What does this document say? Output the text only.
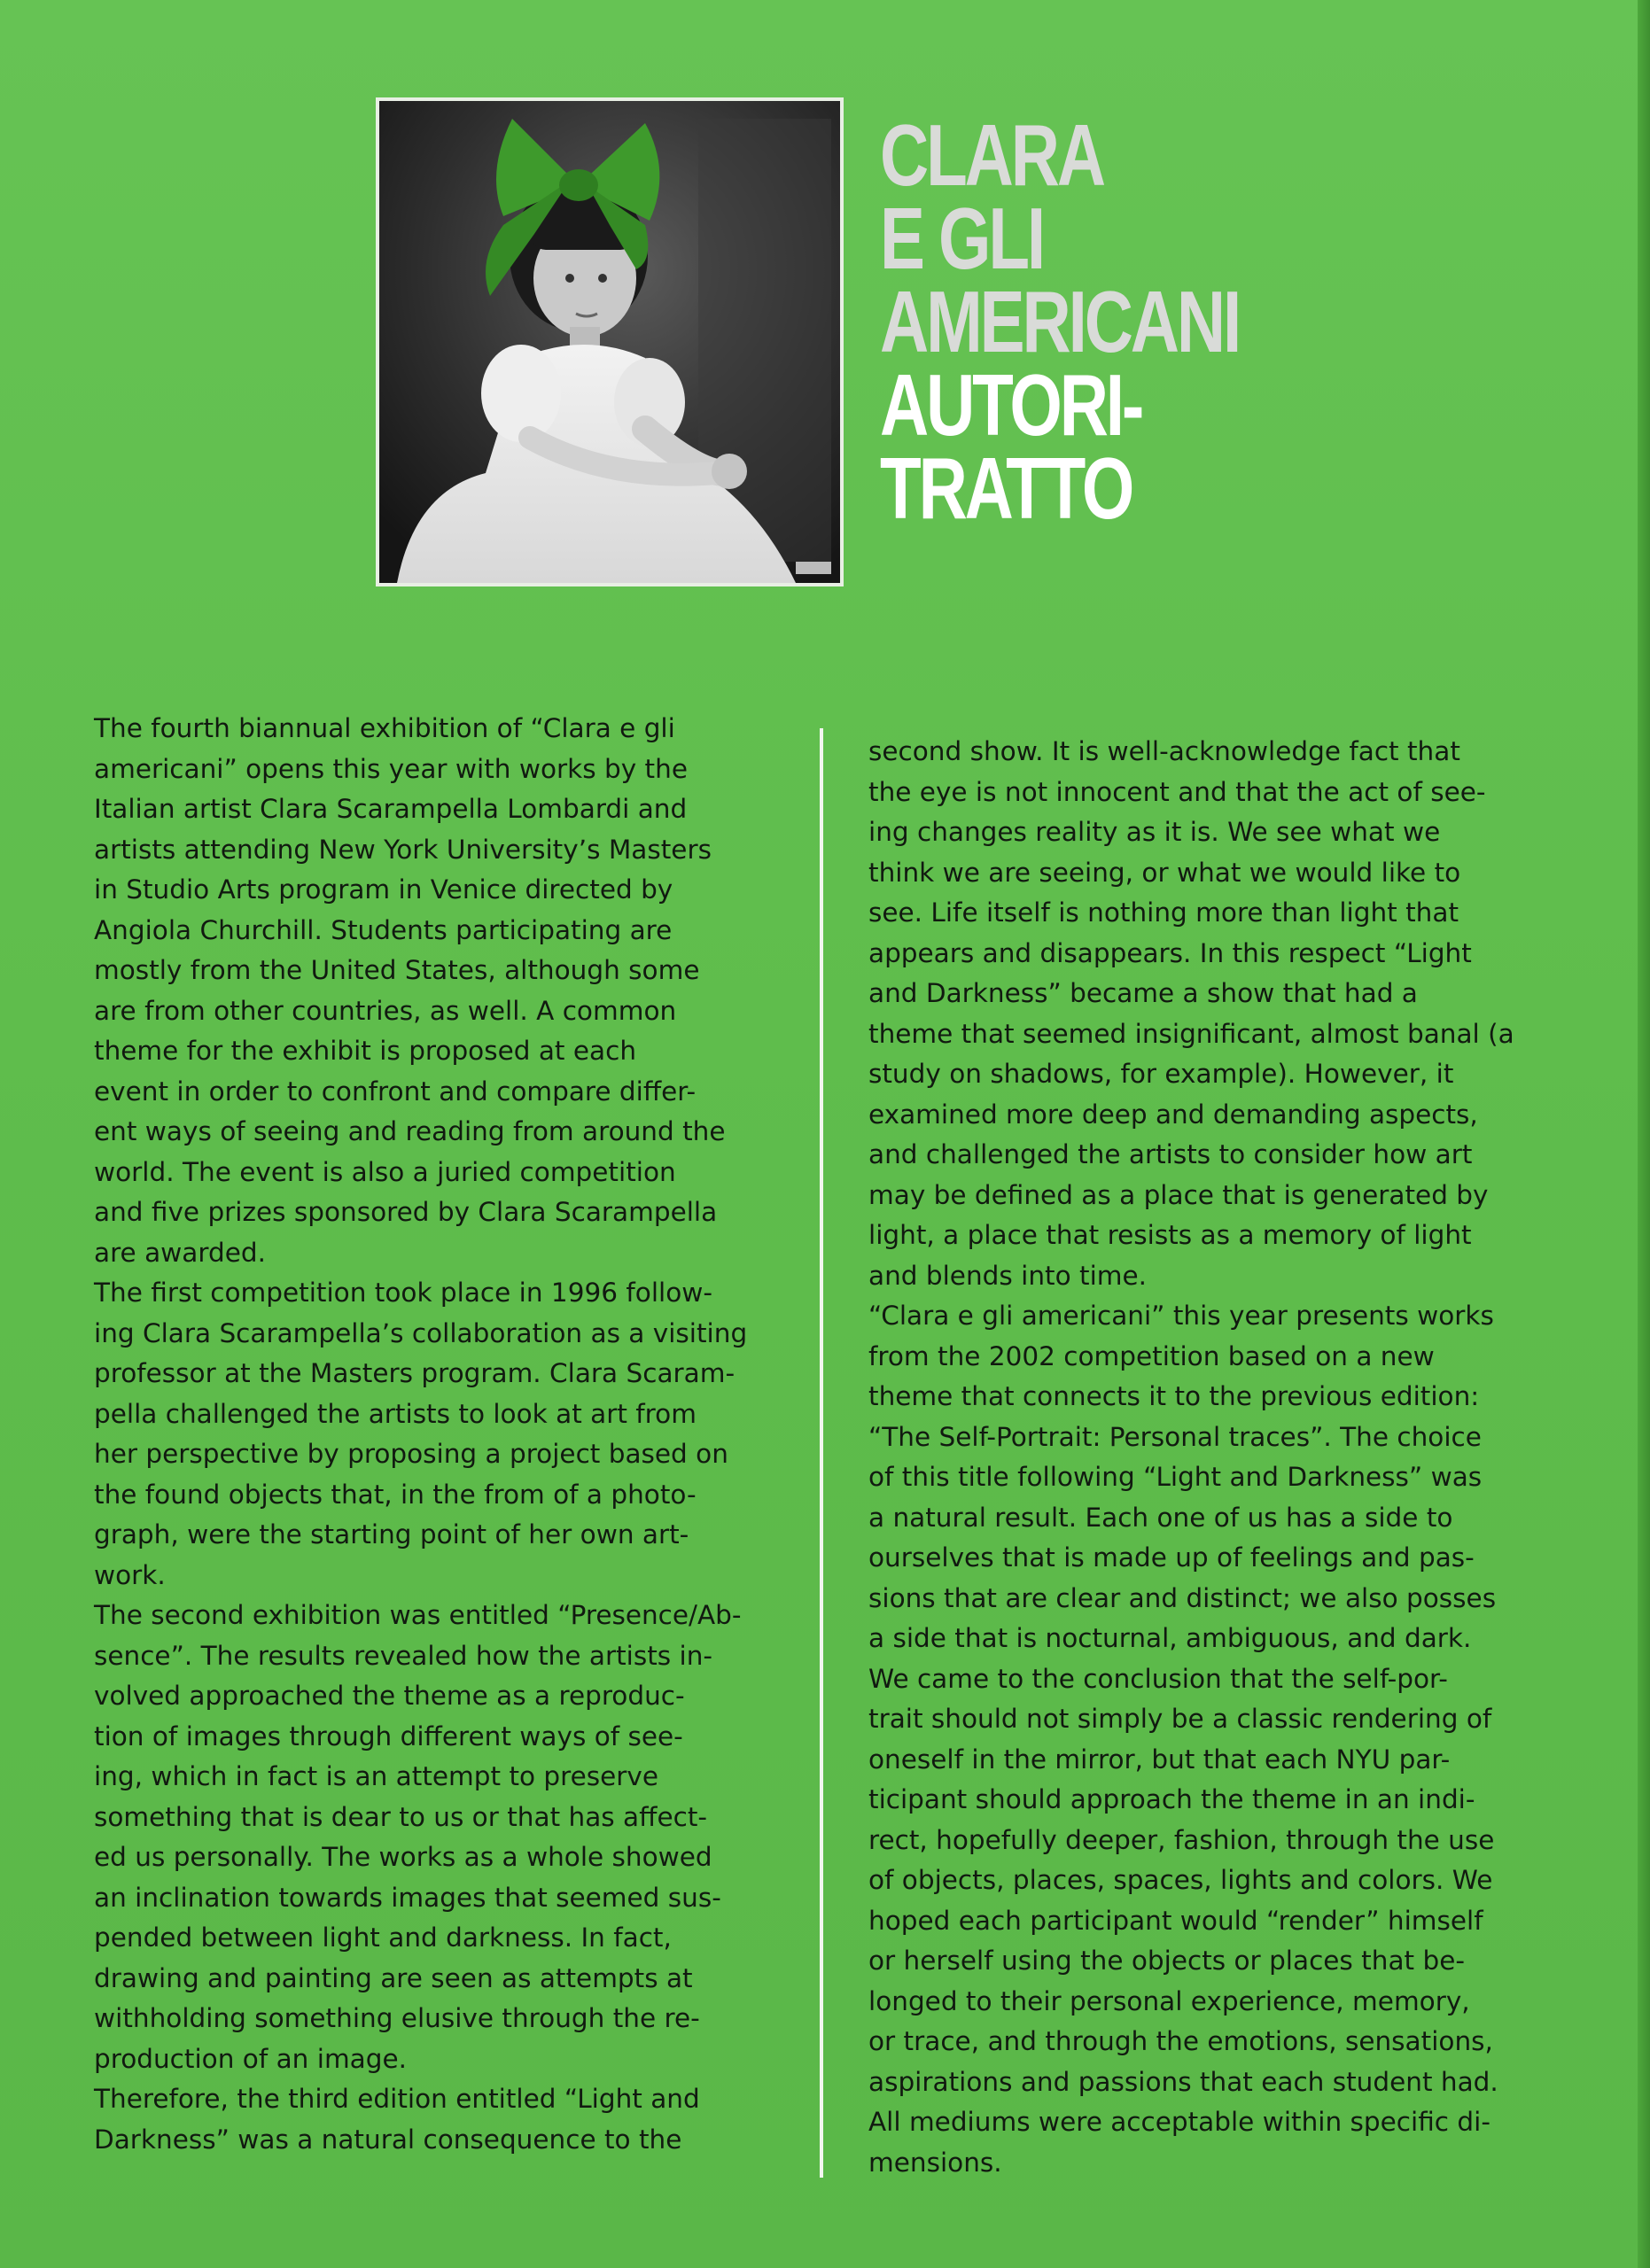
CLARA
E GLI
AMERICANI
AUTORI-
TRATTO

The fourth biannual exhibition of “Clara e gli

americani” opens this year with works by the

Italian artist Clara Scarampella Lombardi and

artists attending New York University’s Masters

in Studio Arts program in Venice directed by

Angiola Churchill. Students participating are

mostly from the United States, although some

are from other countries, as well. A common

theme for the exhibit is proposed at each

event in order to confront and compare differ-

ent ways of seeing and reading from around the

world. The event is also a juried competition

and five prizes sponsored by Clara Scarampella

are awarded.

The first competition took place in 1996 follow-

ing Clara Scarampella’s collaboration as a visiting

professor at the Masters program. Clara Scaram-

pella challenged the artists to look at art from

her perspective by proposing a project based on

the found objects that, in the from of a photo-

graph, were the starting point of her own art-

work.

The second exhibition was entitled “Presence/Ab-

sence”. The results revealed how the artists in-

volved approached the theme as a reproduc-

tion of images through different ways of see-

ing, which in fact is an attempt to preserve

something that is dear to us or that has affect-

ed us personally. The works as a whole showed

an inclination towards images that seemed sus-

pended between light and darkness. In fact,

drawing and painting are seen as attempts at

withholding something elusive through the re-

production of an image.

Therefore, the third edition entitled “Light and

Darkness” was a natural consequence to the

second show. It is well-acknowledge fact that

the eye is not innocent and that the act of see-

ing changes reality as it is. We see what we

think we are seeing, or what we would like to

see. Life itself is nothing more than light that

appears and disappears. In this respect “Light

and Darkness” became a show that had a

theme that seemed insignificant, almost banal (a

study on shadows, for example). However, it

examined more deep and demanding aspects,

and challenged the artists to consider how art

may be defined as a place that is generated by

light, a place that resists as a memory of light

and blends into time.

“Clara e gli americani” this year presents works

from the 2002 competition based on a new

theme that connects it to the previous edition:

“The Self-Portrait: Personal traces”. The choice

of this title following “Light and Darkness” was

a natural result. Each one of us has a side to

ourselves that is made up of feelings and pas-

sions that are clear and distinct; we also posses

a side that is nocturnal, ambiguous, and dark.

We came to the conclusion that the self-por-

trait should not simply be a classic rendering of

oneself in the mirror, but that each NYU par-

ticipant should approach the theme in an indi-

rect, hopefully deeper, fashion, through the use

of objects, places, spaces, lights and colors. We

hoped each participant would “render” himself

or herself using the objects or places that be-

longed to their personal experience, memory,

or trace, and through the emotions, sensations,

aspirations and passions that each student had.

All mediums were acceptable within specific di-

mensions.
